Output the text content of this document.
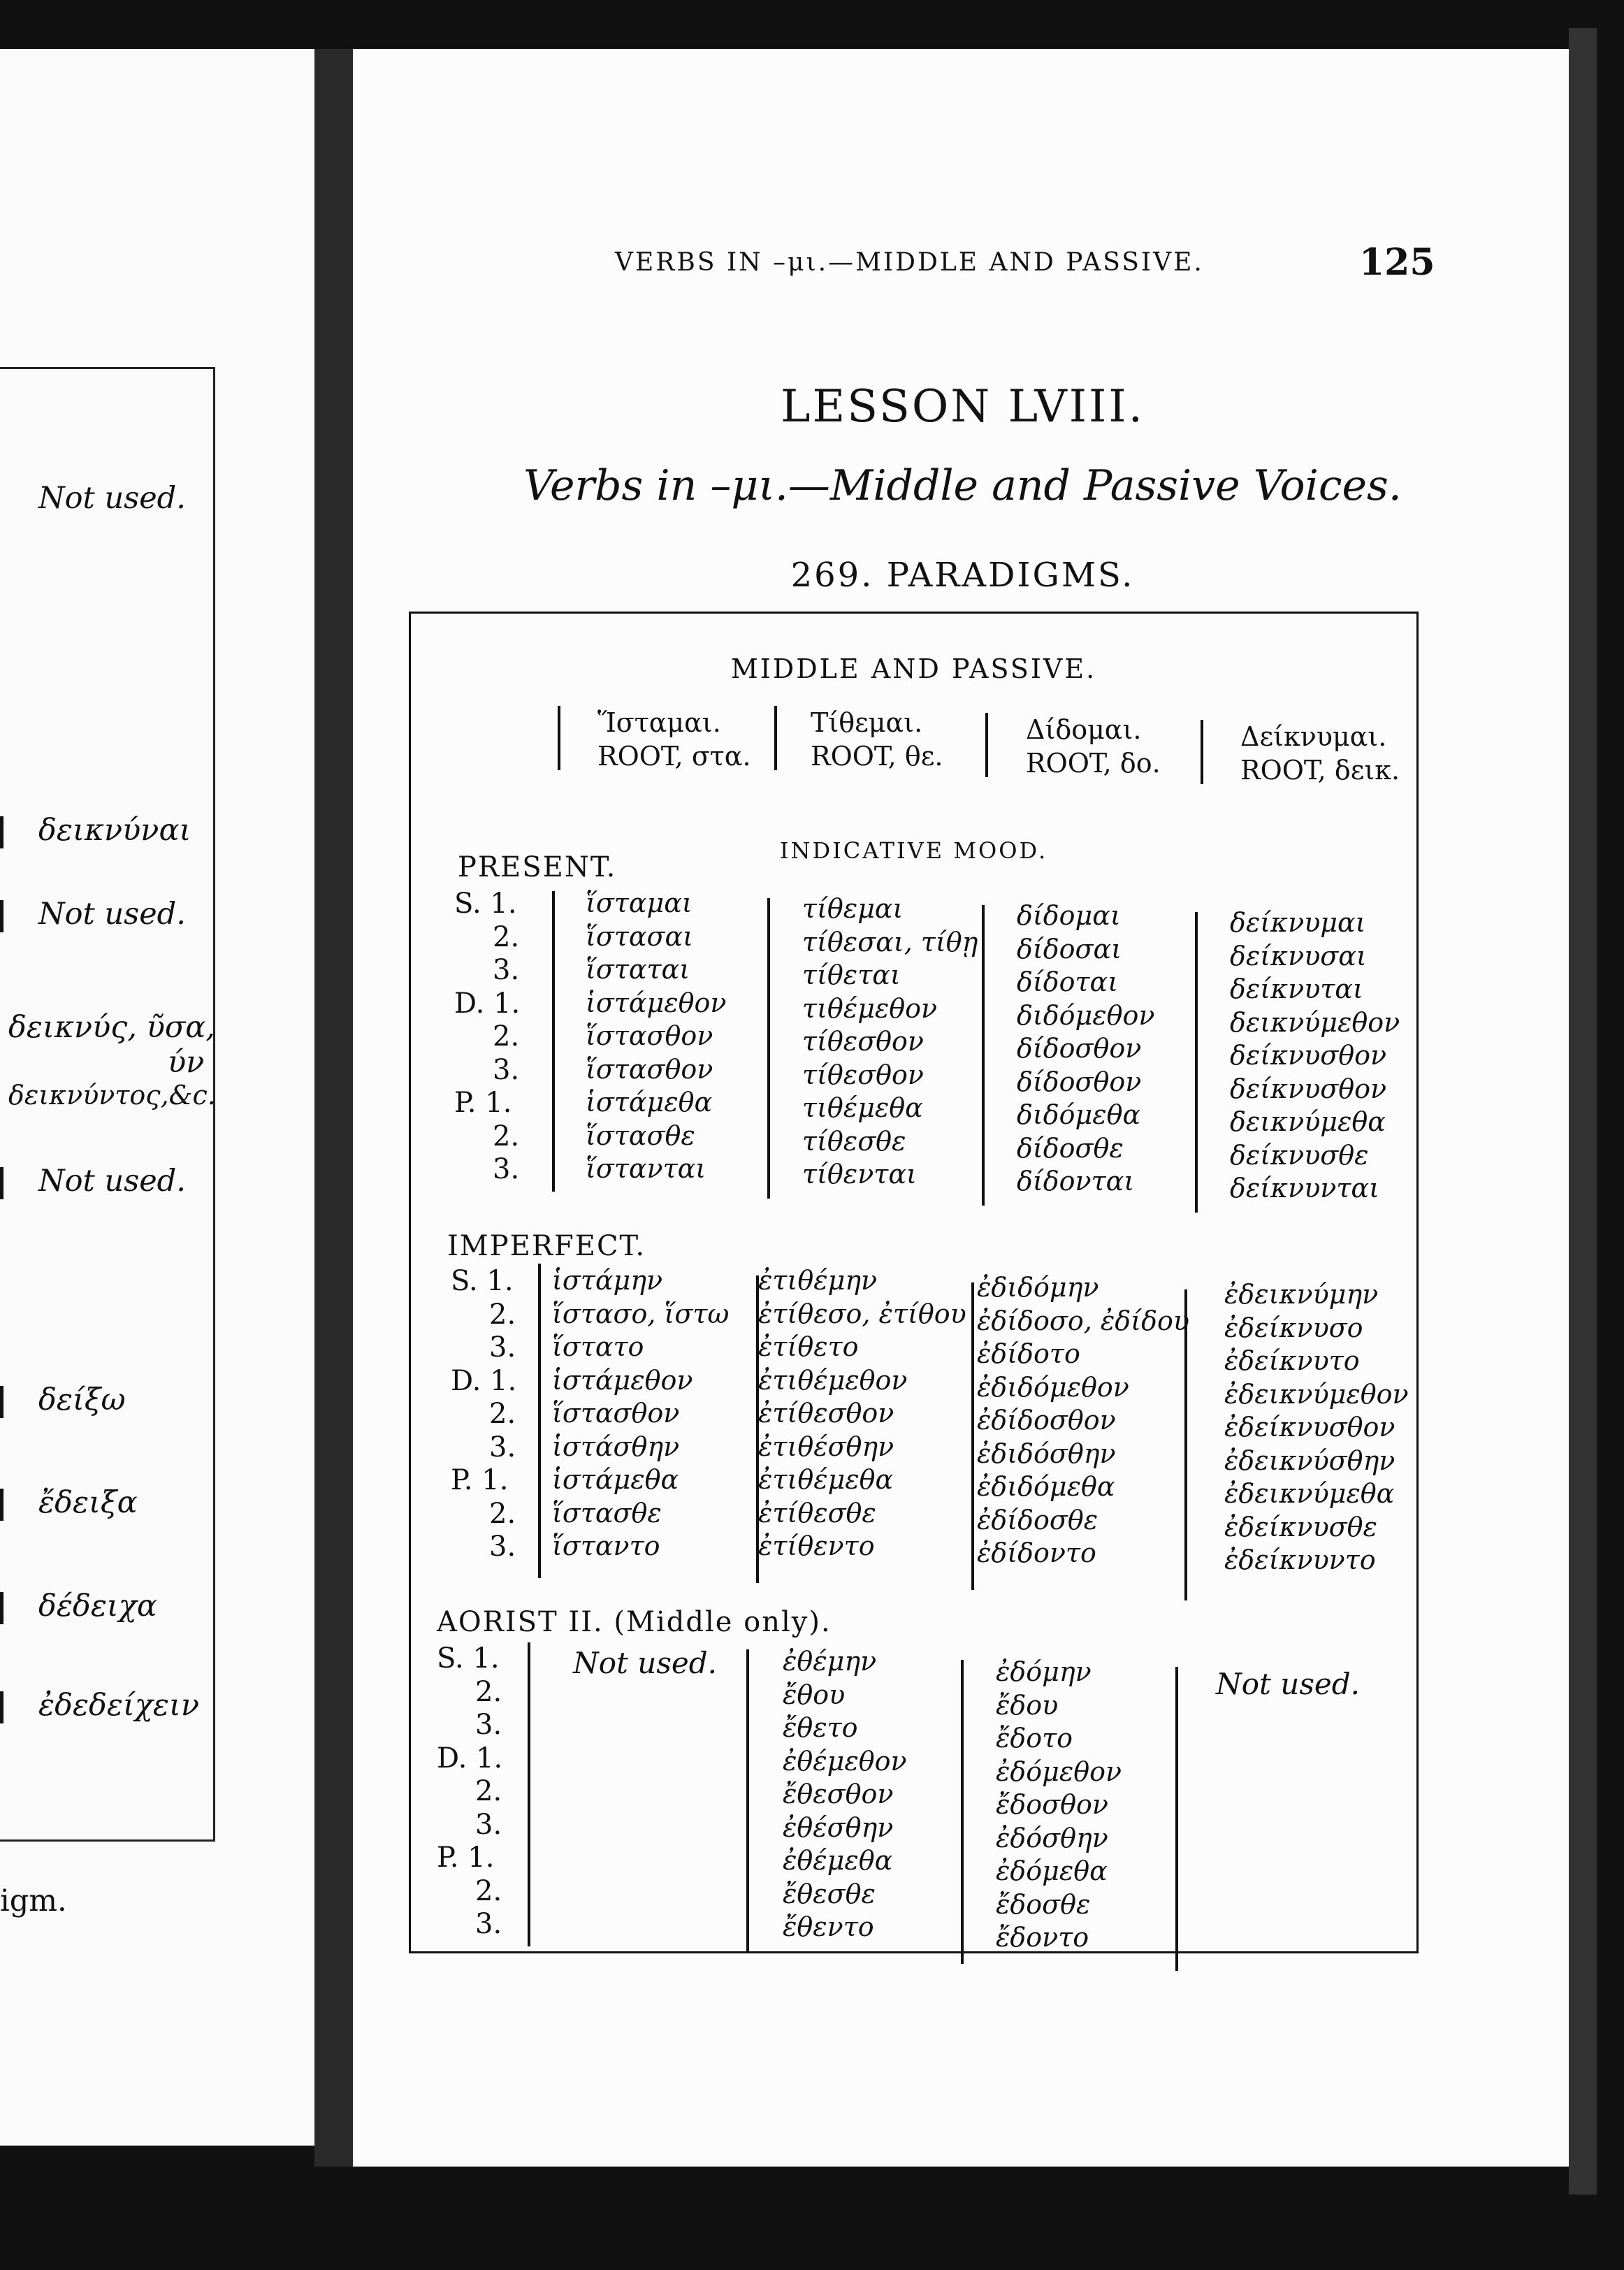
Not used.
δεικνύναι
Not used.
δεικνύς, ῦσα,
ύν
δεικνύντος,&c.
Not used.
δείξω
ἔδειξα
δέδειχα
ἐδεδείχειν
igm.
VERBS IN –μι.—MIDDLE AND PASSIVE.	125
LESSON LVIII.
Verbs in –μι.—Middle and Passive Voices.
269. PARADIGMS.
MIDDLE AND PASSIVE.
Ἵσταμαι.
ROOT, στα.
Τίθεμαι.
ROOT, θε.
Δίδομαι.
ROOT, δο.
Δείκνυμαι.
ROOT, δεικ.
INDICATIVE MOOD.
PRESENT.
IMPERFECT.
AORIST II. (Middle only).
Not used.
Not used.
S. 1.
2.
3.
D. 1.
2.
3.
P. 1.
2.
3.
ἵσταμαι
ἵστασαι
ἵσταται
ἱστάμεθον
ἵστασθον
ἵστασθον
ἱστάμεθα
ἵστασθε
ἵστανται
τίθεμαι
τίθεσαι, τίθῃ
τίθεται
τιθέμεθον
τίθεσθον
τίθεσθον
τιθέμεθα
τίθεσθε
τίθενται
δίδομαι
δίδοσαι
δίδοται
διδόμεθον
δίδοσθον
δίδοσθον
διδόμεθα
δίδοσθε
δίδονται
δείκνυμαι
δείκνυσαι
δείκνυται
δεικνύμεθον
δείκνυσθον
δείκνυσθον
δεικνύμεθα
δείκνυσθε
δείκνυνται
S. 1.
2.
3.
D. 1.
2.
3.
P. 1.
2.
3.
ἱστάμην
ἵστασο, ἵστω
ἵστατο
ἱστάμεθον
ἵστασθον
ἱστάσθην
ἱστάμεθα
ἵστασθε
ἵσταντο
ἐτιθέμην
ἐτίθεσο, ἐτίθου
ἐτίθετο
ἐτιθέμεθον
ἐτίθεσθον
ἐτιθέσθην
ἐτιθέμεθα
ἐτίθεσθε
ἐτίθεντο
ἐδιδόμην
ἐδίδοσο, ἐδίδου
ἐδίδοτο
ἐδιδόμεθον
ἐδίδοσθον
ἐδιδόσθην
ἐδιδόμεθα
ἐδίδοσθε
ἐδίδοντο
ἐδεικνύμην
ἐδείκνυσο
ἐδείκνυτο
ἐδεικνύμεθον
ἐδείκνυσθον
ἐδεικνύσθην
ἐδεικνύμεθα
ἐδείκνυσθε
ἐδείκνυντο
S. 1.
2.
3.
D. 1.
2.
3.
P. 1.
2.
3.
ἐθέμην
ἔθου
ἔθετο
ἐθέμεθον
ἔθεσθον
ἐθέσθην
ἐθέμεθα
ἔθεσθε
ἔθεντο
ἐδόμην
ἔδου
ἔδοτο
ἐδόμεθον
ἔδοσθον
ἐδόσθην
ἐδόμεθα
ἔδοσθε
ἔδοντο
